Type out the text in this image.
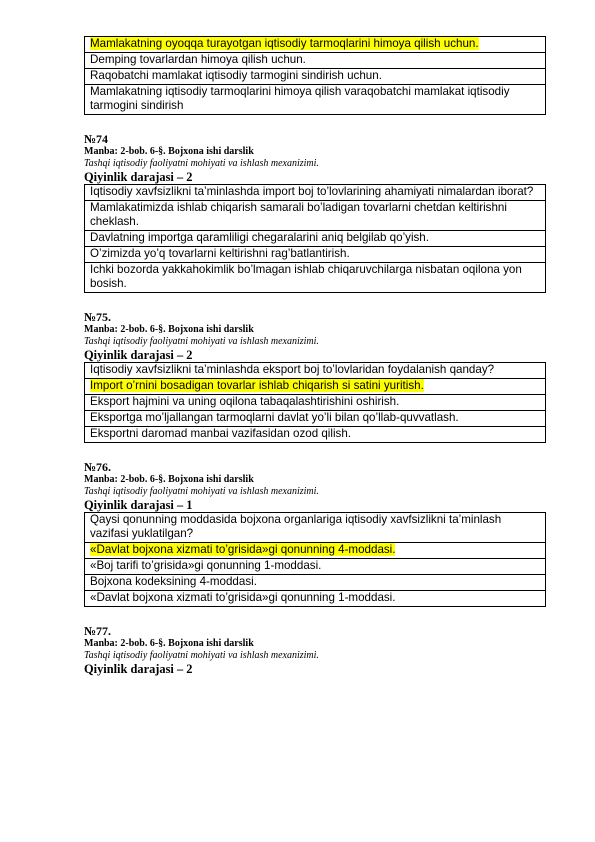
Mamlakatning oyoqqa turayotgan iqtisodiy tarmoqlarini himoya qilish uchun.
Demping tovarlardan himoya qilish uchun.
Raqobatchi mamlakat iqtisodiy tarmogini sindirish uchun.
Mamlakatning iqtisodiy tarmoqlarini himoya qilish varaqobatchi mamlakat iqtisodiy tarmogini sindirish
№74
Manba: 2-bob. 6-§. Bojxona ishi darslik
Tashqi iqtisodiy faoliyatni mohiyati va ishlash mexanizimi.
Qiyinlik darajasi – 2
Iqtisodiy xavfsizlikni ta’minlashda import boj to’lovlarining ahamiyati nimalardan iborat?
Mamlakatimizda ishlab chiqarish samarali bo’ladigan tovarlarni chetdan keltirishni cheklash.
Davlatning importga qaramliligi chegaralarini aniq belgilab qo’yish.
O’zimizda yo’q tovarlarni keltirishni rag’batlantirish.
Ichki bozorda yakkahokimlik bo’lmagan ishlab chiqaruvchilarga nisbatan oqilona yon bosish.
№75.
Manba: 2-bob. 6-§. Bojxona ishi darslik
Tashqi iqtisodiy faoliyatni mohiyati va ishlash mexanizimi.
Qiyinlik darajasi – 2
Iqtisodiy xavfsizlikni ta’minlashda eksport boj to’lovlaridan foydalanish qanday?
Import o’rnini bosadigan tovarlar ishlab chiqarish si satini yuritish.
Eksport hajmini va uning oqilona tabaqalashtirishini oshirish.
Eksportga mo’ljallangan tarmoqlarni davlat yo’li bilan qo’llab-quvvatlash.
Eksportni daromad manbai vazifasidan ozod qilish.
№76.
Manba: 2-bob. 6-§. Bojxona ishi darslik
Tashqi iqtisodiy faoliyatni mohiyati va ishlash mexanizimi.
Qiyinlik darajasi – 1
Qaysi qonunning moddasida bojxona organlariga iqtisodiy xavfsizlikni ta’minlash vazifasi yuklatilgan?
«Davlat bojxona xizmati to’grisida»gi qonunning 4-moddasi.
«Boj tarifi to’grisida»gi qonunning 1-moddasi.
Bojxona kodeksining 4-moddasi.
«Davlat bojxona xizmati to’grisida»gi qonunning 1-moddasi.
№77.
Manba: 2-bob. 6-§. Bojxona ishi darslik
Tashqi iqtisodiy faoliyatni mohiyati va ishlash mexanizimi.
Qiyinlik darajasi – 2
